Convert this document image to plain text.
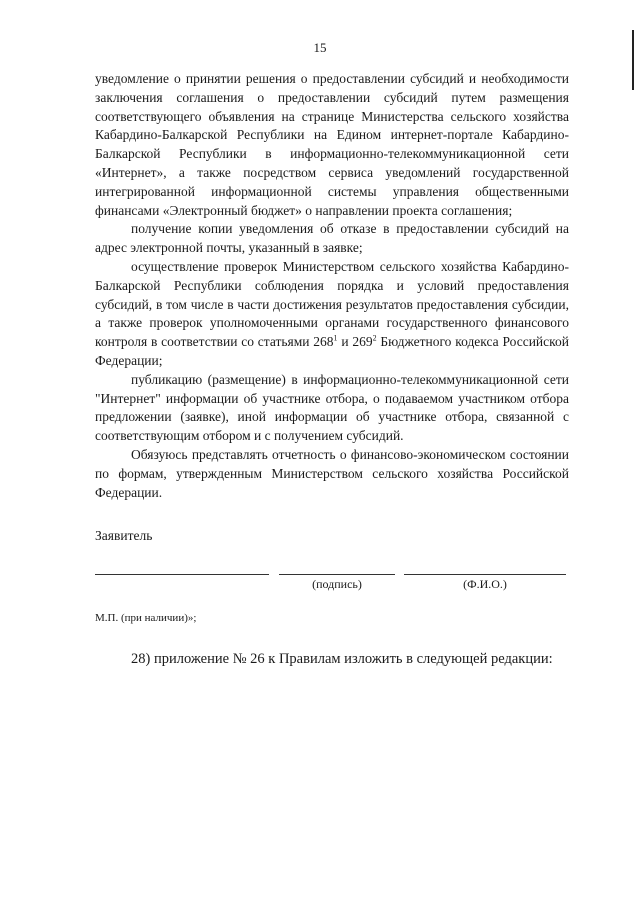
15

уведомление о принятии решения о предоставлении субсидий и необходимости заключения соглашения о предоставлении субсидий путем размещения соответствующего объявления на странице Министерства сельского хозяйства Кабардино-Балкарской Республики на Едином интернет-портале Кабардино-Балкарской Республики в информационно-телекоммуникационной сети «Интернет», а также посредством сервиса уведомлений государственной интегрированной информационной системы управления общественными финансами «Электронный бюджет» о направлении проекта соглашения;

получение копии уведомления об отказе в предоставлении субсидий на адрес электронной почты, указанный в заявке;

осуществление проверок Министерством сельского хозяйства Кабардино-Балкарской Республики соблюдения порядка и условий предоставления субсидий, в том числе в части достижения результатов предоставления субсидии, а также проверок уполномоченными органами государственного финансового контроля в соответствии со статьями $268^1$ и $269^2$ Бюджетного кодекса Российской Федерации;

публикацию (размещение) в информационно-телекоммуникационной сети "Интернет" информации об участнике отбора, о подаваемом участником отбора предложении (заявке), иной информации об участнике отбора, связанной с соответствующим отбором и с получением субсидий.

Обязуюсь представлять отчетность о финансово-экономическом состоянии по формам, утвержденным Министерством сельского хозяйства Российской Федерации.

Заявитель
(подпись)	(Ф.И.О.)
М.П. (при наличии)»;
28) приложение № 26 к Правилам изложить в следующей редакции:
